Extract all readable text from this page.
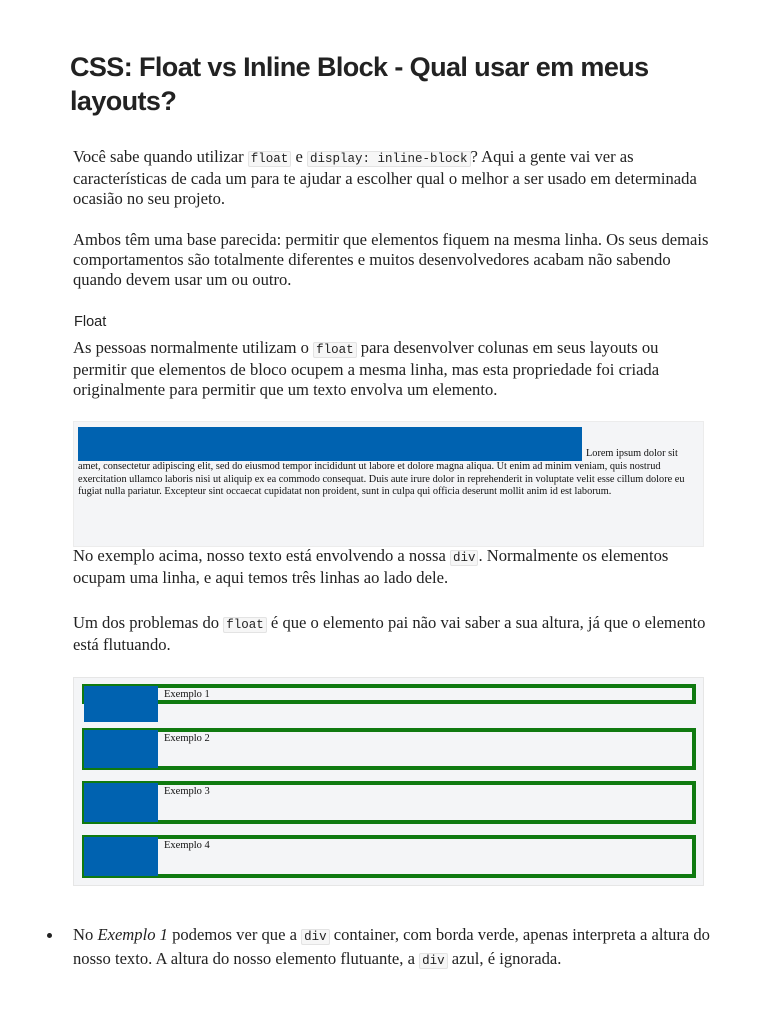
CSS: Float vs Inline Block - Qual usar em meus layouts?

Você sabe quando utilizar float e display: inline-block ? Aqui a gente vai ver as características de cada um para te ajudar a escolher qual o melhor a ser usado em determinada ocasião no seu projeto.

Ambos têm uma base parecida: permitir que elementos fiquem na mesma linha. Os seus demais comportamentos são totalmente diferentes e muitos desenvolvedores acabam não sabendo quando devem usar um ou outro.

Float

As pessoas normalmente utilizam o float para desenvolver colunas em seus layouts ou permitir que elementos de bloco ocupem a mesma linha, mas esta propriedade foi criada originalmente para permitir que um texto envolva um elemento.

Lorem ipsum dolor sit
amet, consectetur adipiscing elit, sed do eiusmod tempor incididunt ut labore et dolore magna aliqua. Ut enim ad minim veniam, quis nostrud exercitation ullamco laboris nisi ut aliquip ex ea commodo consequat. Duis aute irure dolor in reprehenderit in voluptate velit esse cillum dolore eu fugiat nulla pariatur. Excepteur sint occaecat cupidatat non proident, sunt in culpa qui officia deserunt mollit anim id est laborum.

No exemplo acima, nosso texto está envolvendo a nossa div . Normalmente os elementos ocupam uma linha, e aqui temos três linhas ao lado dele.

Um dos problemas do float é que o elemento pai não vai saber a sua altura, já que o elemento está flutuando.

Exemplo 1
Exemplo 2
Exemplo 3
Exemplo 4
No Exemplo 1 podemos ver que a div container, com borda verde, apenas interpreta a altura do nosso texto. A altura do nosso elemento flutuante, a div azul, é ignorada.
